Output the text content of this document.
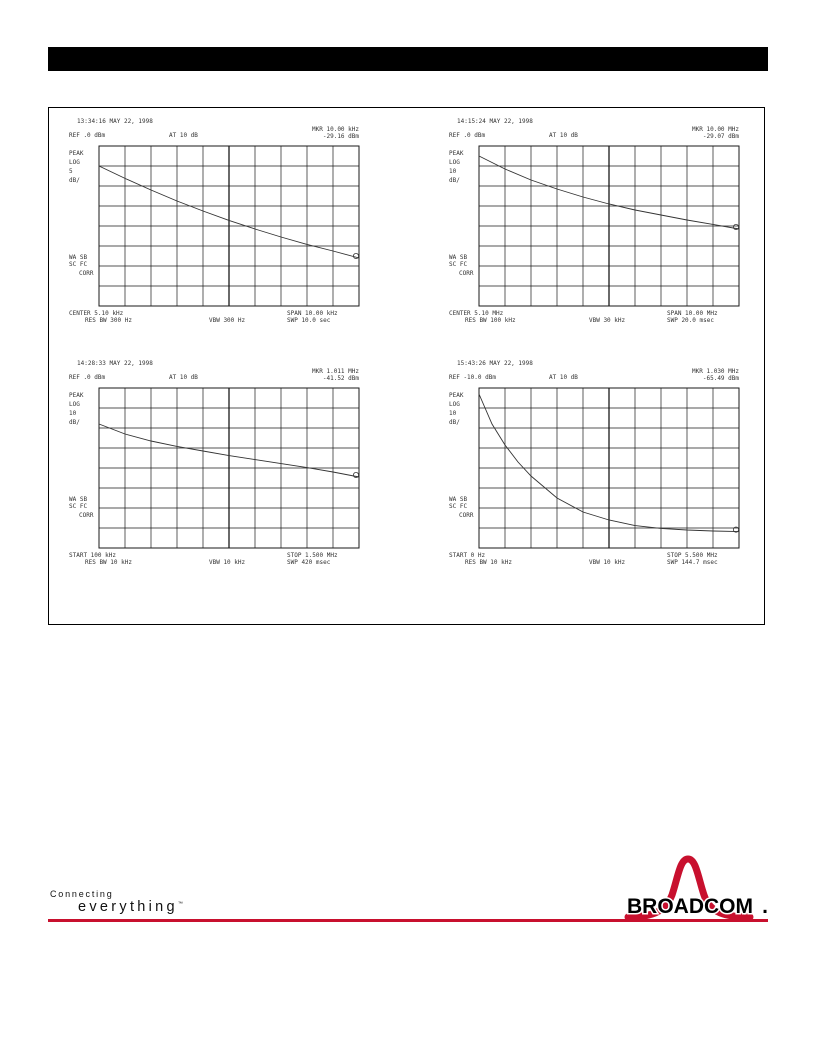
13:34:16 MAY 22, 1998
REF .0 dBm	AT 10 dB
MKR 10.00 kHz
-29.16 dBm
PEAK
LOG
5
dB/
WA SB
SC FC
CORR
CENTER 5.10 kHz
RES BW 300 Hz	VBW 300 Hz
SPAN 10.00 kHz
SWP 10.0 sec
14:15:24 MAY 22, 1998
REF .0 dBm	AT 10 dB
MKR 10.00 MHz
-29.07 dBm
PEAK
LOG
10
dB/
WA SB
SC FC
CORR
CENTER 5.10 MHz
RES BW 100 kHz	VBW 30 kHz
SPAN 10.00 MHz
SWP 20.0 msec
14:28:33 MAY 22, 1998
REF .0 dBm	AT 10 dB
MKR 1.011 MHz
-41.52 dBm
PEAK
LOG
10
dB/
WA SB
SC FC
CORR
START 100 kHz
RES BW 10 kHz	VBW 10 kHz
STOP 1.500 MHz
SWP 420 msec
15:43:26 MAY 22, 1998
REF -10.0 dBm	AT 10 dB
MKR 1.030 MHz
-65.49 dBm
PEAK
LOG
10
dB/
WA SB
SC FC
CORR
START 0 Hz
RES BW 10 kHz	VBW 10 kHz
STOP 5.500 MHz
SWP 144.7 msec
Connecting
everything™	BROADCOM .
